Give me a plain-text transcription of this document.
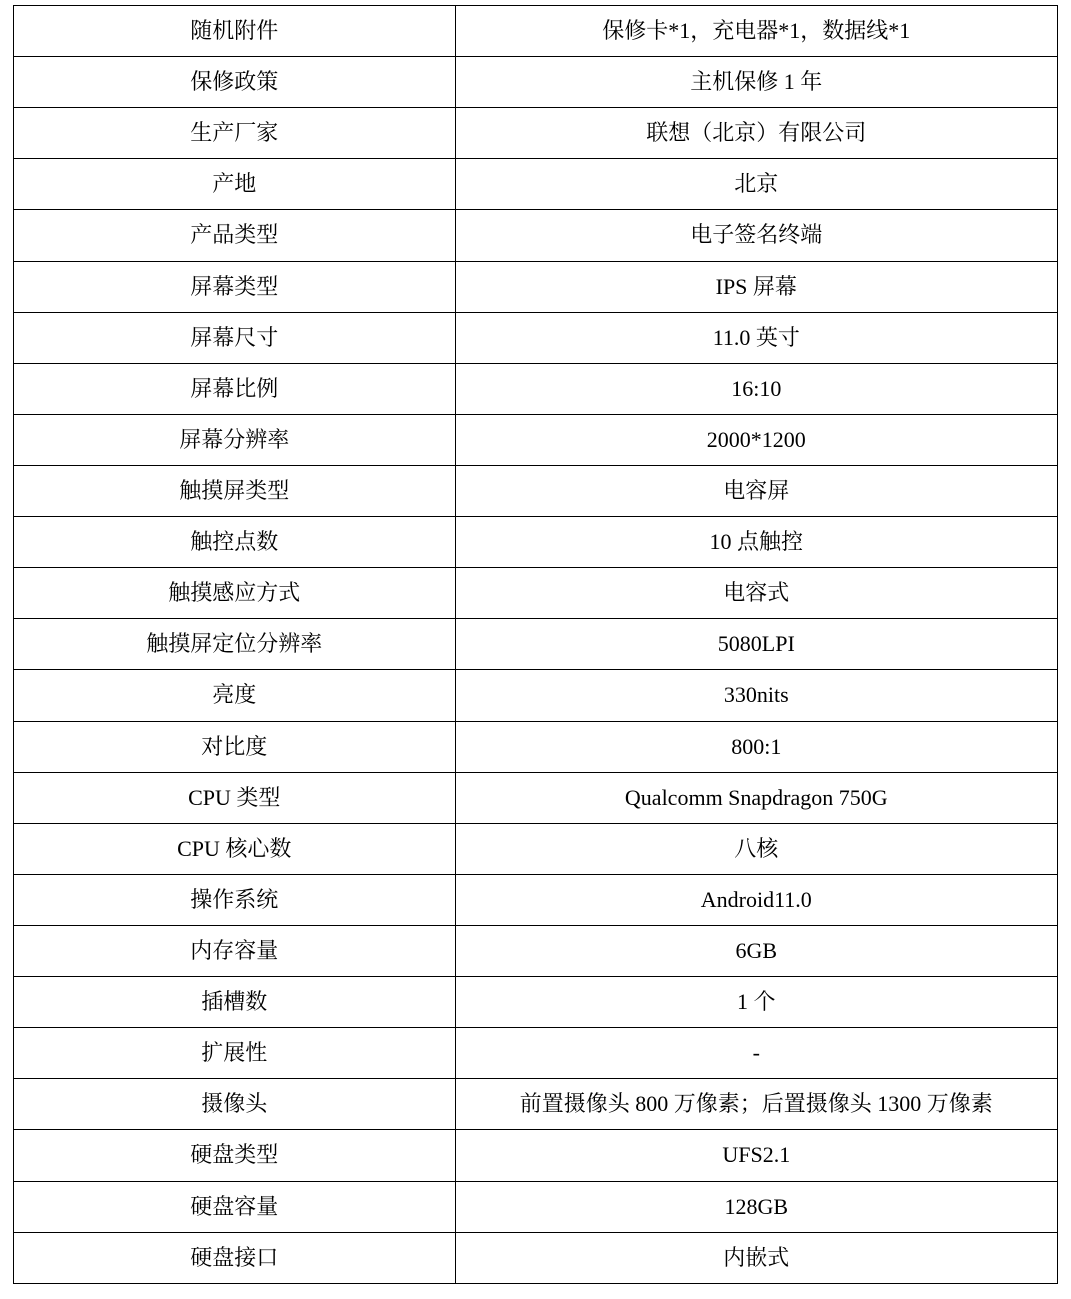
随机附件	保修卡*1，充电器*1，数据线*1
保修政策	主机保修 1 年
生产厂家	联想（北京）有限公司
产地	北京
产品类型	电子签名终端
屏幕类型	IPS 屏幕
屏幕尺寸	11.0 英寸
屏幕比例	16:10
屏幕分辨率	2000*1200
触摸屏类型	电容屏
触控点数	10 点触控
触摸感应方式	电容式
触摸屏定位分辨率	5080LPI
亮度	330nits
对比度	800:1
CPU 类型	Qualcomm Snapdragon 750G
CPU 核心数	八核
操作系统	Android11.0
内存容量	6GB
插槽数	1 个
扩展性	-
摄像头	前置摄像头 800 万像素；后置摄像头 1300 万像素
硬盘类型	UFS2.1
硬盘容量	128GB
硬盘接口	内嵌式
